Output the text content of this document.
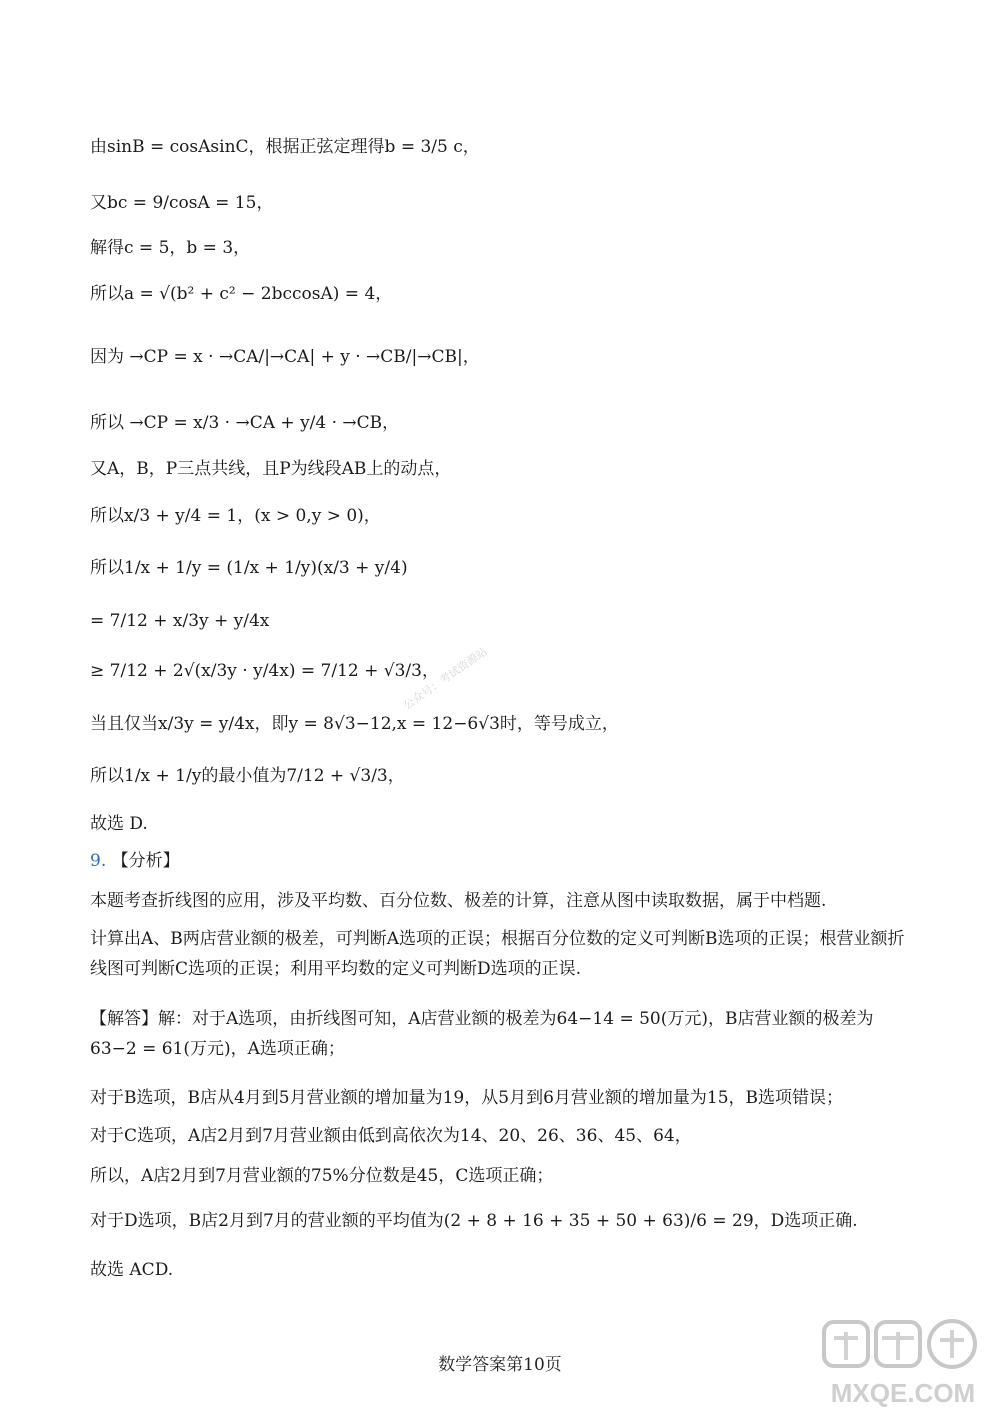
由sinB = cosAsinC，根据正弦定理得b = 3/5 c，
又bc = 9/cosA = 15，
解得c = 5，b = 3，
所以a = √(b² + c² − 2bccosA) = 4，
因为 →CP = x · →CA/|→CA| + y · →CB/|→CB|，
所以 →CP = x/3 · →CA + y/4 · →CB，
又A，B，P三点共线，且P为线段AB上的动点，
所以x/3 + y/4 = 1，(x > 0,y > 0)，
所以1/x + 1/y = (1/x + 1/y)(x/3 + y/4)
= 7/12 + x/3y + y/4x
≥ 7/12 + 2√(x/3y · y/4x) = 7/12 + √3/3，
当且仅当x/3y = y/4x，即y = 8√3−12,x = 12−6√3时，等号成立，
所以1/x + 1/y的最小值为7/12 + √3/3，
故选 D.
9. 【分析】
本题考查折线图的应用，涉及平均数、百分位数、极差的计算，注意从图中读取数据，属于中档题.
计算出A、B两店营业额的极差，可判断A选项的正误；根据百分位数的定义可判断B选项的正误；根营业额折线图可判断C选项的正误；利用平均数的定义可判断D选项的正误.
【解答】解：对于A选项，由折线图可知，A店营业额的极差为64−14 = 50(万元)，B店营业额的极差为63−2 = 61(万元)，A选项正确；
对于B选项，B店从4月到5月营业额的增加量为19，从5月到6月营业额的增加量为15，B选项错误；
对于C选项，A店2月到7月营业额由低到高依次为14、20、26、36、45、64，
所以，A店2月到7月营业额的75%分位数是45，C选项正确；
对于D选项，B店2月到7月的营业额的平均值为(2 + 8 + 16 + 35 + 50 + 63)/6 = 29，D选项正确.
故选 ACD.
公众号：考试资源站
数学答案第10页
MXQE.COM
